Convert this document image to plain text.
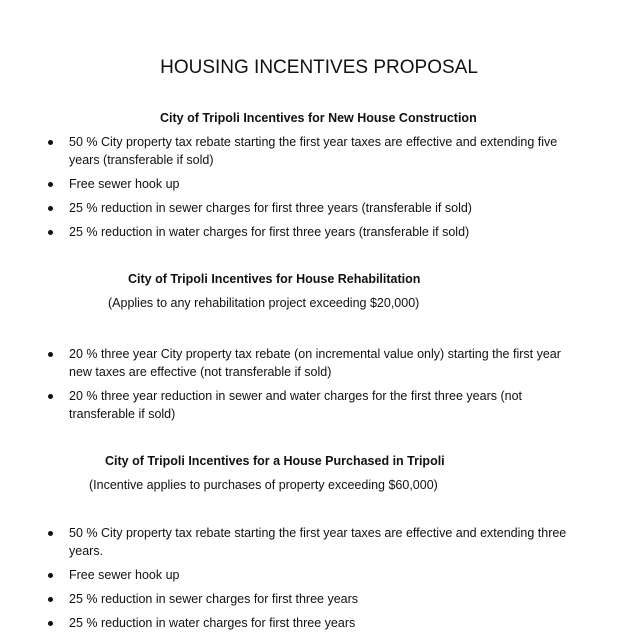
HOUSING INCENTIVES PROPOSAL
City of Tripoli Incentives for New House Construction
50 % City property tax rebate starting the first year taxes are effective and extending five years (transferable if sold)
Free sewer hook up
25 % reduction in sewer charges for first three years (transferable if sold)
25 % reduction in water charges for first three years (transferable if sold)
City of Tripoli Incentives for House Rehabilitation
(Applies to any rehabilitation project exceeding $20,000)
20 % three year City property tax rebate (on incremental value only) starting the first year new taxes are effective (not transferable if sold)
20 % three year reduction in sewer and water charges for the first three years (not transferable if sold)
City of Tripoli Incentives for a House Purchased in Tripoli
(Incentive applies to purchases of property exceeding $60,000)
50 % City property tax rebate starting the first year taxes are effective and extending three years.
Free sewer hook up
25 % reduction in sewer charges for first three years
25 % reduction in water charges for first three years
